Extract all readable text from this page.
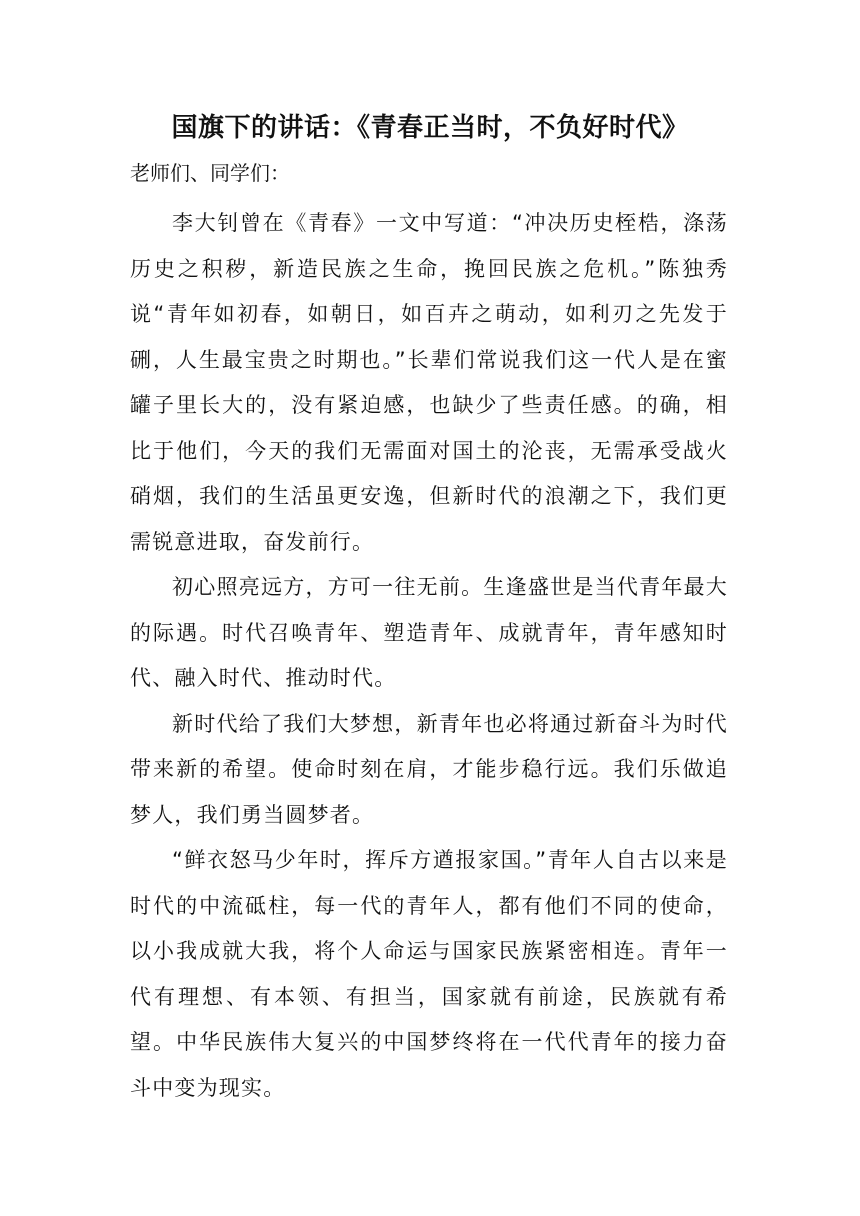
国旗下的讲话：《青春正当时，不负好时代》
老师们、同学们：

李大钊曾在《青春》一文中写道：“冲决历史桎梏，涤荡历史之积秽，新造民族之生命，挽回民族之危机。”陈独秀说“青年如初春，如朝日，如百卉之萌动，如利刃之先发于硎，人生最宝贵之时期也。”长辈们常说我们这一代人是在蜜罐子里长大的，没有紧迫感，也缺少了些责任感。的确，相比于他们，今天的我们无需面对国土的沦丧，无需承受战火硝烟，我们的生活虽更安逸，但新时代的浪潮之下，我们更需锐意进取，奋发前行。

初心照亮远方，方可一往无前。生逢盛世是当代青年最大的际遇。时代召唤青年、塑造青年、成就青年，青年感知时代、融入时代、推动时代。

新时代给了我们大梦想，新青年也必将通过新奋斗为时代带来新的希望。使命时刻在肩，才能步稳行远。我们乐做追梦人，我们勇当圆梦者。

“鲜衣怒马少年时，挥斥方遒报家国。”青年人自古以来是时代的中流砥柱，每一代的青年人，都有他们不同的使命，以小我成就大我，将个人命运与国家民族紧密相连。青年一代有理想、有本领、有担当，国家就有前途，民族就有希望。中华民族伟大复兴的中国梦终将在一代代青年的接力奋斗中变为现实。
